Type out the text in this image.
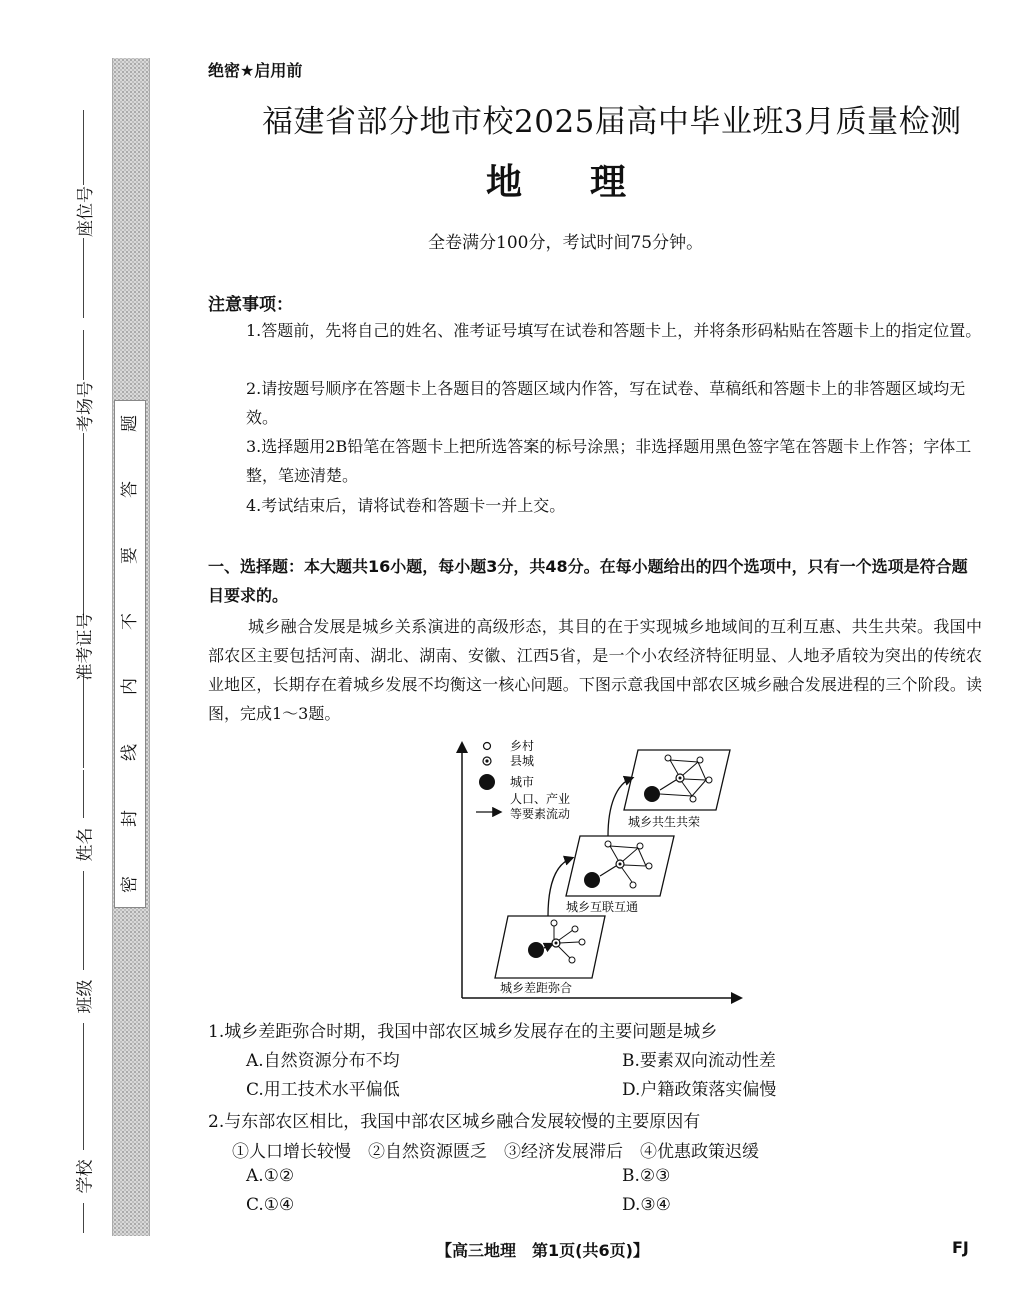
题
答
要
不
内
线
封
密
座位号
考场号
准考证号
姓名
班级
学校
绝密★启用前
福建省部分地市校2025届高中毕业班3月质量检测
地理
全卷满分100分，考试时间75分钟。
注意事项：
1.答题前，先将自己的姓名、准考证号填写在试卷和答题卡上，并将条形码粘贴在答题卡上的指定位置。
2.请按题号顺序在答题卡上各题目的答题区域内作答，写在试卷、草稿纸和答题卡上的非答题区域均无效。
3.选择题用2B铅笔在答题卡上把所选答案的标号涂黑；非选择题用黑色签字笔在答题卡上作答；字体工整，笔迹清楚。
4.考试结束后，请将试卷和答题卡一并上交。
一、选择题：本大题共16小题，每小题3分，共48分。在每小题给出的四个选项中，只有一个选项是符合题目要求的。
城乡融合发展是城乡关系演进的高级形态，其目的在于实现城乡地域间的互利互惠、共生共荣。我国中部农区主要包括河南、湖北、湖南、安徽、江西5省，是一个小农经济特征明显、人地矛盾较为突出的传统农业地区，长期存在着城乡发展不均衡这一核心问题。下图示意我国中部农区城乡融合发展进程的三个阶段。读图，完成1～3题。
乡村
县城
城市
人口、产业
等要素流动
城乡差距弥合
城乡互联互通
城乡共生共荣
1.城乡差距弥合时期，我国中部农区城乡发展存在的主要问题是城乡
A.自然资源分布不均	B.要素双向流动性差
C.用工技术水平偏低	D.户籍政策落实偏慢
2.与东部农区相比，我国中部农区城乡融合发展较慢的主要原因有
①人口增长较慢　②自然资源匮乏　③经济发展滞后　④优惠政策迟缓
A.①②	B.②③
C.①④	D.③④
【高三地理　第1页(共6页)】	FJ
